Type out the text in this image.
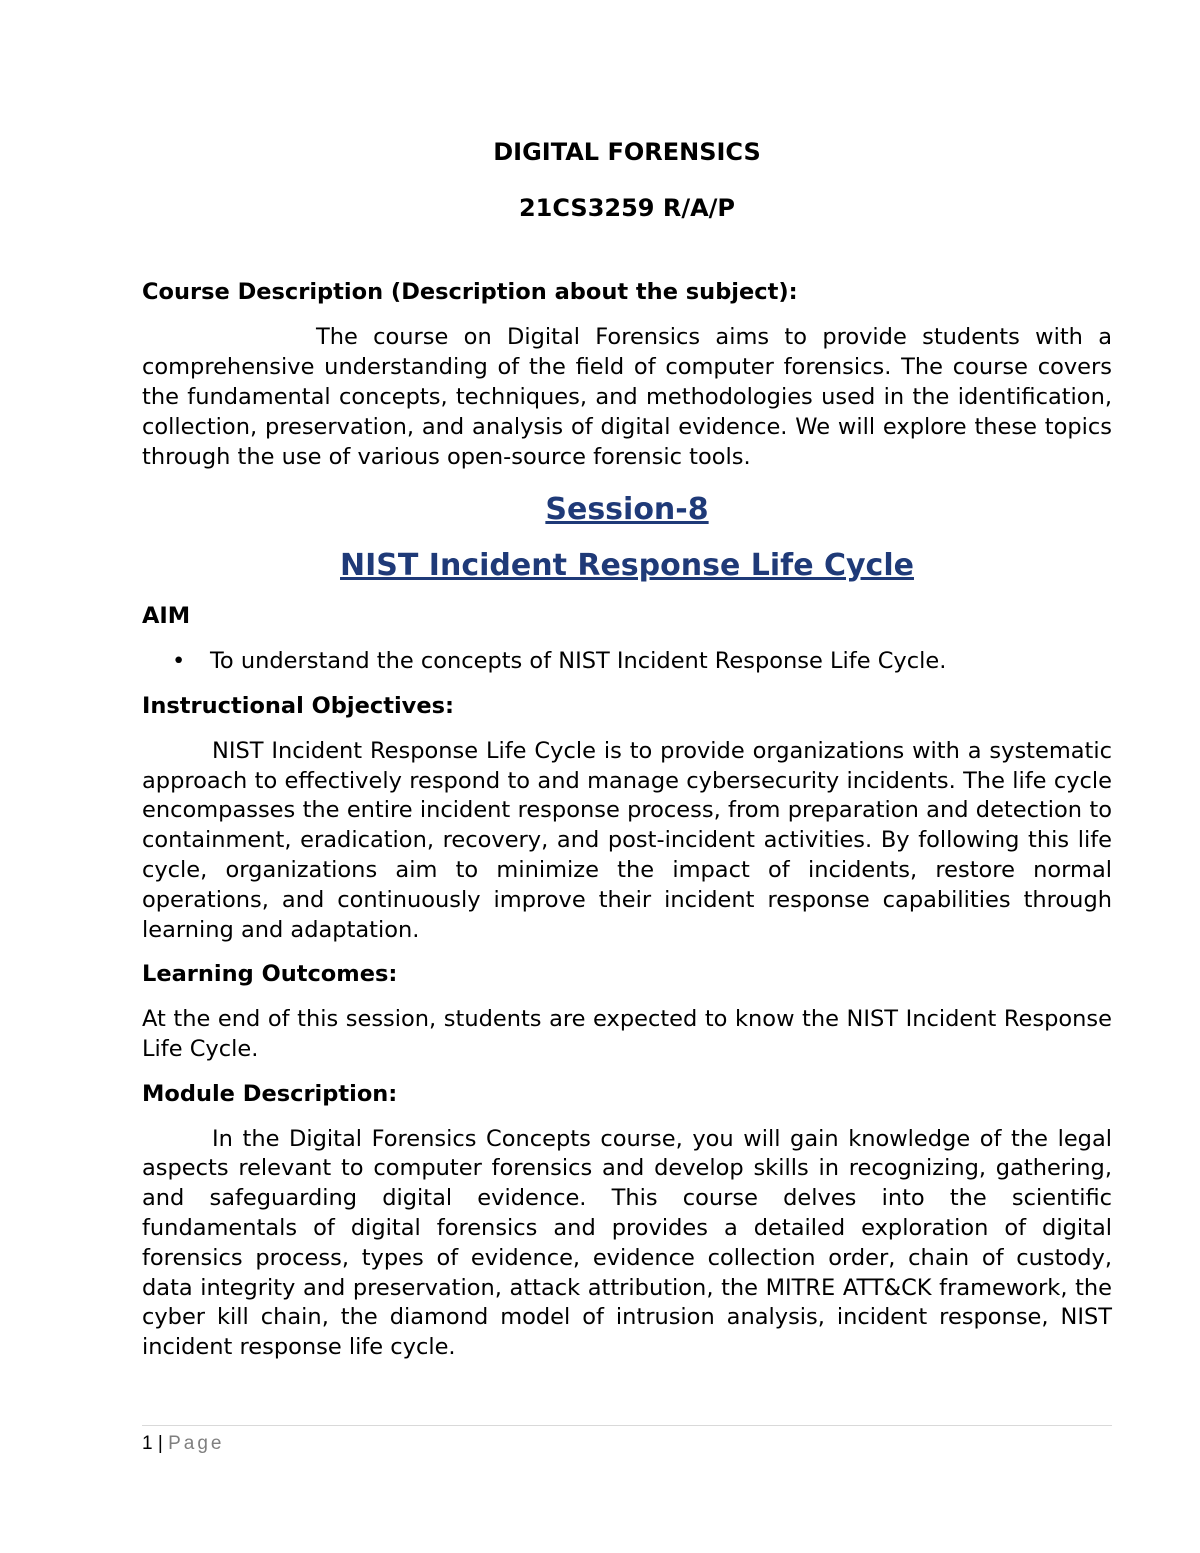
DIGITAL FORENSICS

21CS3259 R/A/P

Course Description (Description about the subject):

The course on Digital Forensics aims to provide students with a comprehensive understanding of the field of computer forensics. The course covers the fundamental concepts, techniques, and methodologies used in the identification, collection, preservation, and analysis of digital evidence. We will explore these topics through the use of various open-source forensic tools.

Session-8

NIST Incident Response Life Cycle

AIM

• To understand the concepts of NIST Incident Response Life Cycle.

Instructional Objectives:

NIST Incident Response Life Cycle is to provide organizations with a systematic approach to effectively respond to and manage cybersecurity incidents. The life cycle encompasses the entire incident response process, from preparation and detection to containment, eradication, recovery, and post-incident activities. By following this life cycle, organizations aim to minimize the impact of incidents, restore normal operations, and continuously improve their incident response capabilities through learning and adaptation.

Learning Outcomes:

At the end of this session, students are expected to know the NIST Incident Response Life Cycle.

Module Description:

In the Digital Forensics Concepts course, you will gain knowledge of the legal aspects relevant to computer forensics and develop skills in recognizing, gathering, and safeguarding digital evidence. This course delves into the scientific fundamentals of digital forensics and provides a detailed exploration of digital forensics process, types of evidence, evidence collection order, chain of custody, data integrity and preservation, attack attribution, the MITRE ATT&CK framework, the cyber kill chain, the diamond model of intrusion analysis, incident response, NIST incident response life cycle.

1 | Page
